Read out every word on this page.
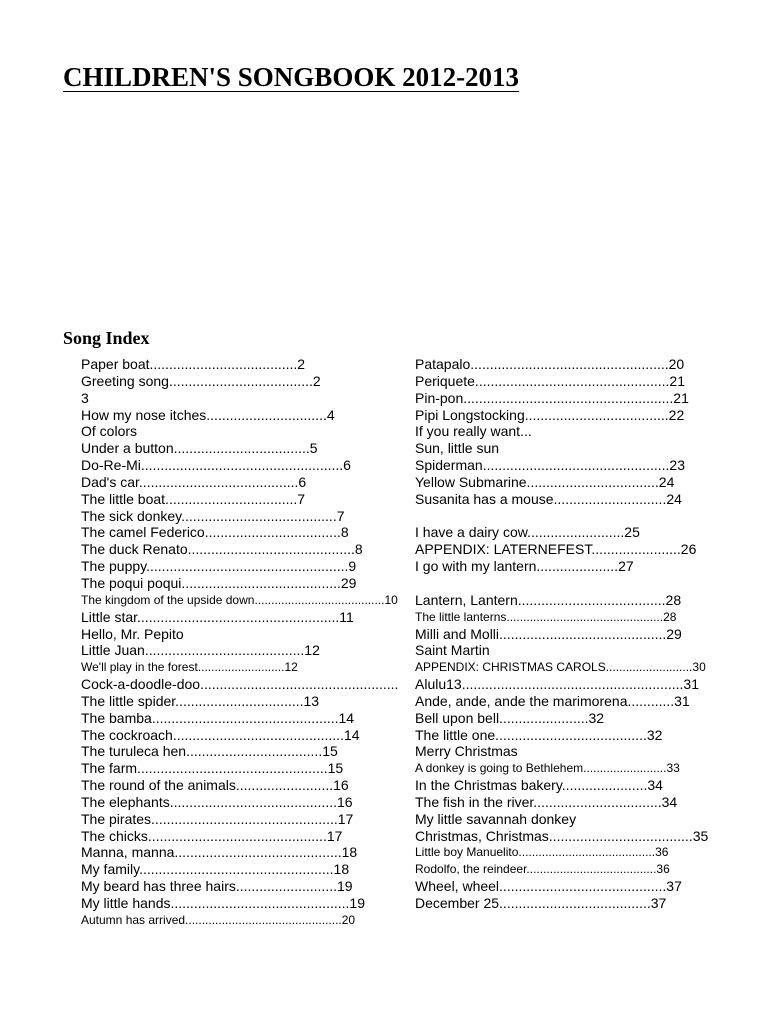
CHILDREN'S SONGBOOK 2012-2013
Song Index
Paper boat......................................2
Greeting song.....................................2
3
How my nose itches...............................4
Of colors
Under a button...................................5
Do-Re-Mi....................................................6
Dad's car.........................................6
The little boat..................................7
The sick donkey........................................7
The camel Federico...................................8
The duck Renato...........................................8
The puppy....................................................9
The poqui poqui.........................................29
The kingdom of the upside down.......................................10
Little star....................................................11
Hello, Mr. Pepito
Little Juan.........................................12
We'll play in the forest..........................12
Cock-a-doodle-doo...................................................
The little spider.................................13
The bamba................................................14
The cockroach............................................14
The turuleca hen...................................15
The farm.................................................15
The round of the animals.........................16
The elephants...........................................16
The pirates................................................17
The chicks..............................................17
Manna, manna...........................................18
My family..................................................18
My beard has three hairs..........................19
My little hands..............................................19
Autumn has arrived...............................................20
Patapalo...................................................20
Periquete..................................................21
Pin-pon......................................................21
Pipi Longstocking.....................................22
If you really want...
Sun, little sun
Spiderman................................................23
Yellow Submarine..................................24
Susanita has a mouse.............................24
I have a dairy cow.........................25
APPENDIX: LATERNEFEST.......................26
I go with my lantern.....................27
Lantern, Lantern......................................28
The little lanterns...............................................28
Milli and Molli...........................................29
Saint Martin
APPENDIX: CHRISTMAS CAROLS..........................30
Alulu13.........................................................31
Ande, ande, ande the marimorena............31
Bell upon bell.......................32
The little one.......................................32
Merry Christmas
A donkey is going to Bethlehem.........................33
In the Christmas bakery......................34
The fish in the river.................................34
My little savannah donkey
Christmas, Christmas.....................................35
Little boy Manuelito.........................................36
Rodolfo, the reindeer.......................................36
Wheel, wheel...........................................37
December 25.......................................37
